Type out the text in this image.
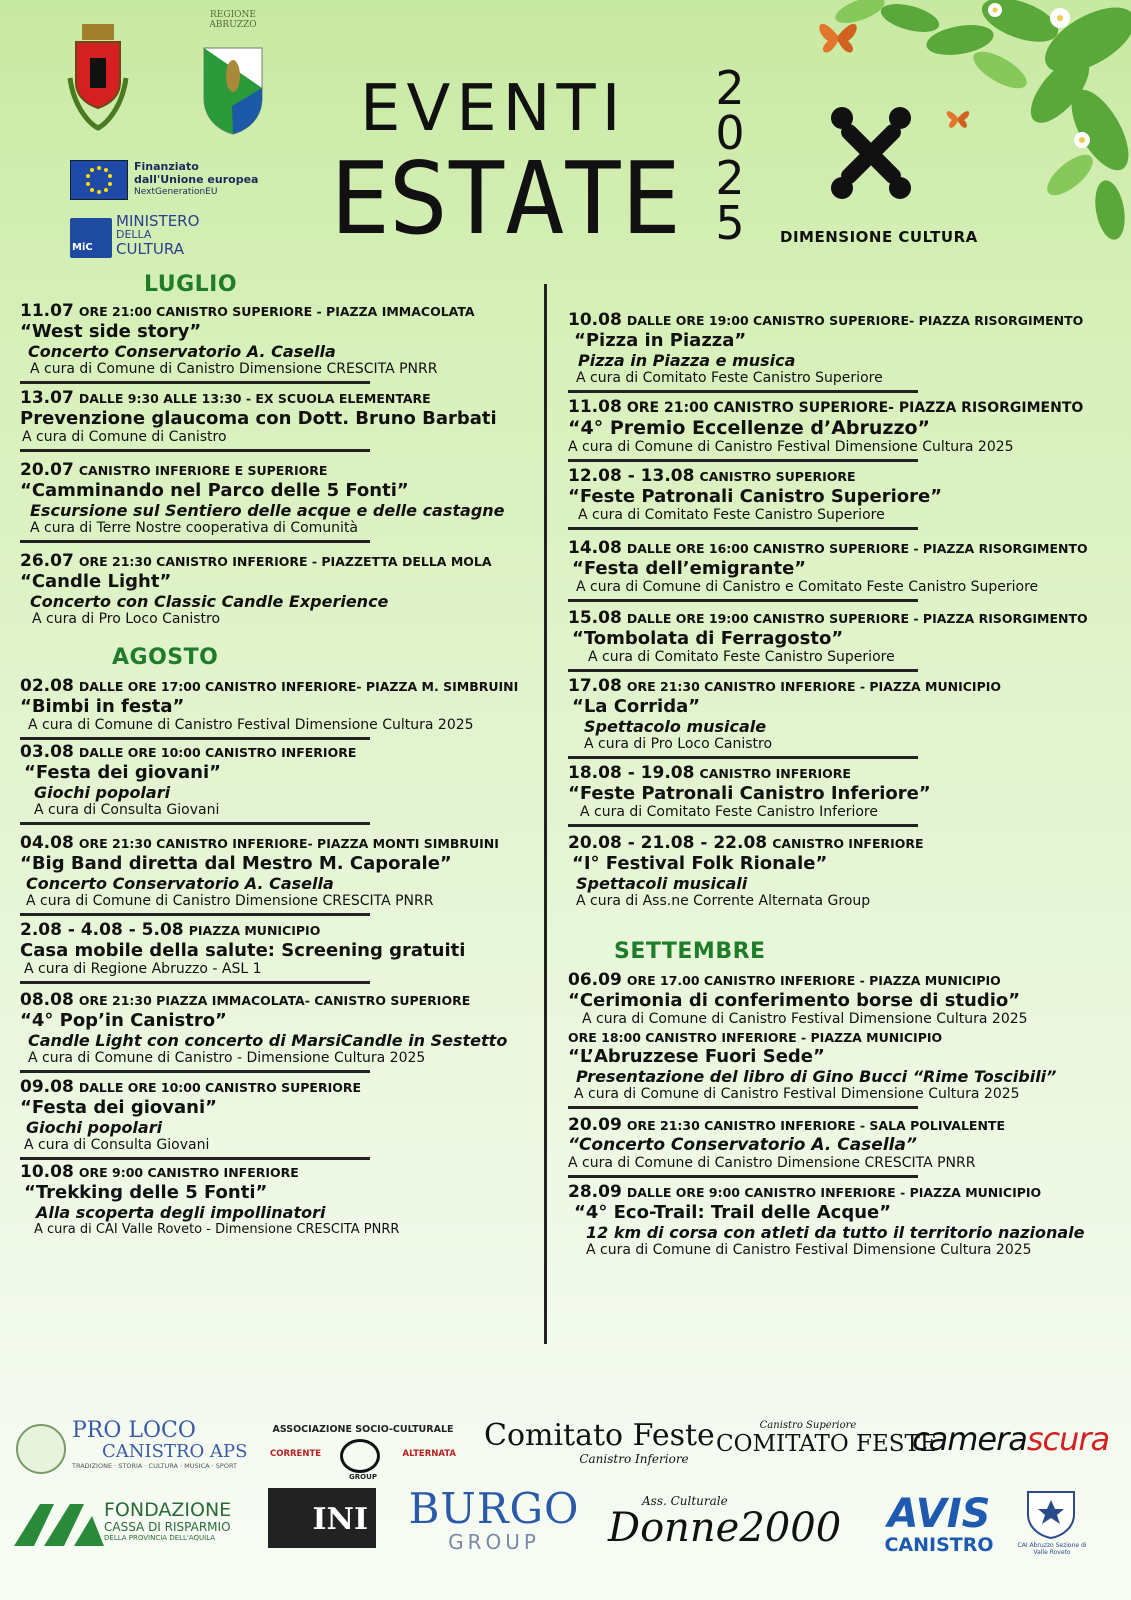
REGIONE ABRUZZO
Finanziato
dall'Unione europea
NextGenerationEU
MiC
MINISTERO
DELLA
CULTURA
EVENTI
ESTATE
2
0
2
5	DIMENSIONE CULTURA
LUGLIO
11.07 ORE 21:00 CANISTRO SUPERIORE - PIAZZA IMMACOLATA
“West side story”
Concerto Conservatorio A. Casella
A cura di Comune di Canistro Dimensione CRESCITA PNRR
13.07 DALLE 9:30 ALLE 13:30 - EX SCUOLA ELEMENTARE
Prevenzione glaucoma con Dott. Bruno Barbati
A cura di Comune di Canistro
20.07 CANISTRO INFERIORE E SUPERIORE
“Camminando nel Parco delle 5 Fonti”
Escursione sul Sentiero delle acque e delle castagne
A cura di Terre Nostre cooperativa di Comunità
26.07 ORE 21:30 CANISTRO INFERIORE - PIAZZETTA DELLA MOLA
“Candle Light”
Concerto con Classic Candle Experience
A cura di Pro Loco Canistro
AGOSTO
02.08 DALLE ORE 17:00 CANISTRO INFERIORE- PIAZZA M. SIMBRUINI
“Bimbi in festa”
A cura di Comune di Canistro Festival Dimensione Cultura 2025
03.08 DALLE ORE 10:00 CANISTRO INFERIORE
“Festa dei giovani”
Giochi popolari
A cura di Consulta Giovani
04.08 ORE 21:30 CANISTRO INFERIORE- PIAZZA MONTI SIMBRUINI
“Big Band diretta dal Mestro M. Caporale”
Concerto Conservatorio A. Casella
A cura di Comune di Canistro Dimensione CRESCITA PNRR
2.08 - 4.08 - 5.08 PIAZZA MUNICIPIO
Casa mobile della salute: Screening gratuiti
A cura di Regione Abruzzo - ASL 1
08.08 ORE 21:30 PIAZZA IMMACOLATA- CANISTRO SUPERIORE
“4° Pop’in Canistro”
Candle Light con concerto di MarsiCandle in Sestetto
A cura di Comune di Canistro - Dimensione Cultura 2025
09.08 DALLE ORE 10:00 CANISTRO SUPERIORE
“Festa dei giovani”
Giochi popolari
A cura di Consulta Giovani
10.08 ORE 9:00 CANISTRO INFERIORE
“Trekking delle 5 Fonti”
Alla scoperta degli impollinatori
A cura di CAI Valle Roveto - Dimensione CRESCITA PNRR
10.08 DALLE ORE 19:00 CANISTRO SUPERIORE- PIAZZA RISORGIMENTO
“Pizza in Piazza”
Pizza in Piazza e musica
A cura di Comitato Feste Canistro Superiore
11.08 ORE 21:00 CANISTRO SUPERIORE- PIAZZA RISORGIMENTO
“4° Premio Eccellenze d’Abruzzo”
A cura di Comune di Canistro Festival Dimensione Cultura 2025
12.08 - 13.08 CANISTRO SUPERIORE
“Feste Patronali Canistro Superiore”
A cura di Comitato Feste Canistro Superiore
14.08 DALLE ORE 16:00 CANISTRO SUPERIORE - PIAZZA RISORGIMENTO
“Festa dell’emigrante”
A cura di Comune di Canistro e Comitato Feste Canistro Superiore
15.08 DALLE ORE 19:00 CANISTRO SUPERIORE - PIAZZA RISORGIMENTO
“Tombolata di Ferragosto”
A cura di Comitato Feste Canistro Superiore
17.08 ORE 21:30 CANISTRO INFERIORE - PIAZZA MUNICIPIO
“La Corrida”
Spettacolo musicale
A cura di Pro Loco Canistro
18.08 - 19.08 CANISTRO INFERIORE
“Feste Patronali Canistro Inferiore”
A cura di Comitato Feste Canistro Inferiore
20.08 - 21.08 - 22.08 CANISTRO INFERIORE
“I° Festival Folk Rionale”
Spettacoli musicali
A cura di Ass.ne Corrente Alternata Group
SETTEMBRE
06.09 ORE 17.00 CANISTRO INFERIORE - PIAZZA MUNICIPIO
“Cerimonia di conferimento borse di studio”
A cura di Comune di Canistro Festival Dimensione Cultura 2025
ORE 18:00 CANISTRO INFERIORE - PIAZZA MUNICIPIO
“L’Abruzzese Fuori Sede”
Presentazione del libro di Gino Bucci “Rime Toscibili”
A cura di Comune di Canistro Festival Dimensione Cultura 2025
20.09 ORE 21:30 CANISTRO INFERIORE - SALA POLIVALENTE
“Concerto Conservatorio A. Casella”
A cura di Comune di Canistro Dimensione CRESCITA PNRR
28.09 DALLE ORE 9:00 CANISTRO INFERIORE - PIAZZA MUNICIPIO
“4° Eco-Trail: Trail delle Acque”
12 km di corsa con atleti da tutto il territorio nazionale
A cura di Comune di Canistro Festival Dimensione Cultura 2025
PRO LOCO
CANISTRO APS
TRADIZIONE · STORIA · CULTURA · MUSICA · SPORT
ASSOCIAZIONE SOCIO-CULTURALE
CORRENTE	ALTERNATA
GROUP
Comitato Feste
Canistro Inferiore
Canistro Superiore
COMITATO FESTE
camerascura
FONDAZIONE
CASSA DI RISPARMIO
DELLA PROVINCIA DELL'AQUILA
INI BURGO
GROUP
Ass. Culturale
Donne2000	AVIS
CANISTRO	CAI Abruzzo Sezione di Valle Roveto
